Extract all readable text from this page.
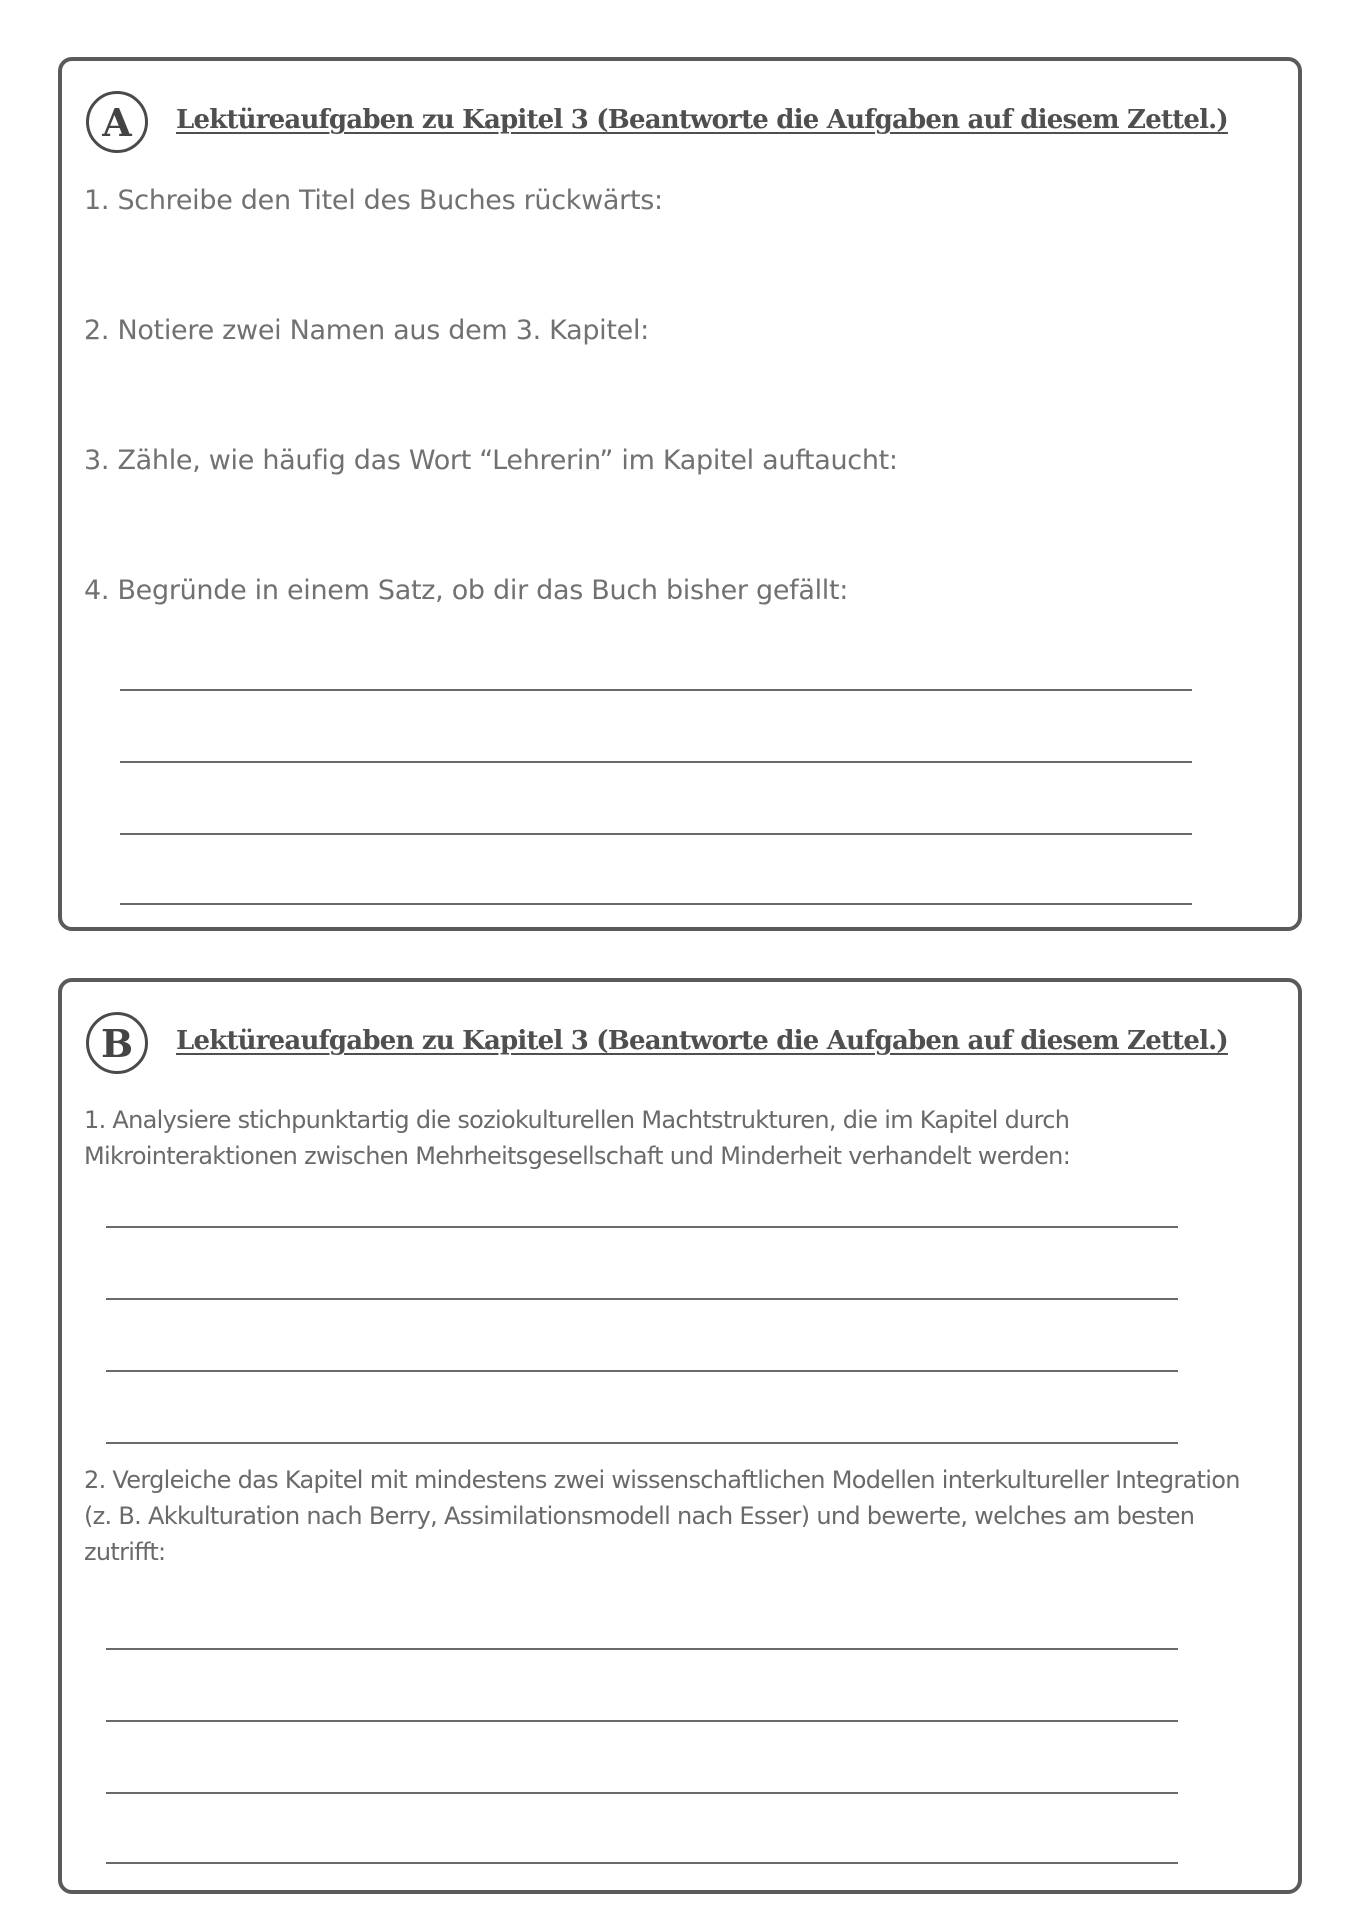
A	Lektüreaufgaben zu Kapitel 3 (Beantworte die Aufgaben auf diesem Zettel.)

1. Schreibe den Titel des Buches rückwärts:

2. Notiere zwei Namen aus dem 3. Kapitel:

3. Zähle, wie häufig das Wort “Lehrerin” im Kapitel auftaucht:

4. Begründe in einem Satz, ob dir das Buch bisher gefällt:

B	Lektüreaufgaben zu Kapitel 3 (Beantworte die Aufgaben auf diesem Zettel.)

1. Analysiere stichpunktartig die soziokulturellen Machtstrukturen, die im Kapitel durch Mikrointeraktionen zwischen Mehrheitsgesellschaft und Minderheit verhandelt werden:

2. Vergleiche das Kapitel mit mindestens zwei wissenschaftlichen Modellen interkultureller Integration (z. B. Akkulturation nach Berry, Assimilationsmodell nach Esser) und bewerte, welches am besten zutrifft:
